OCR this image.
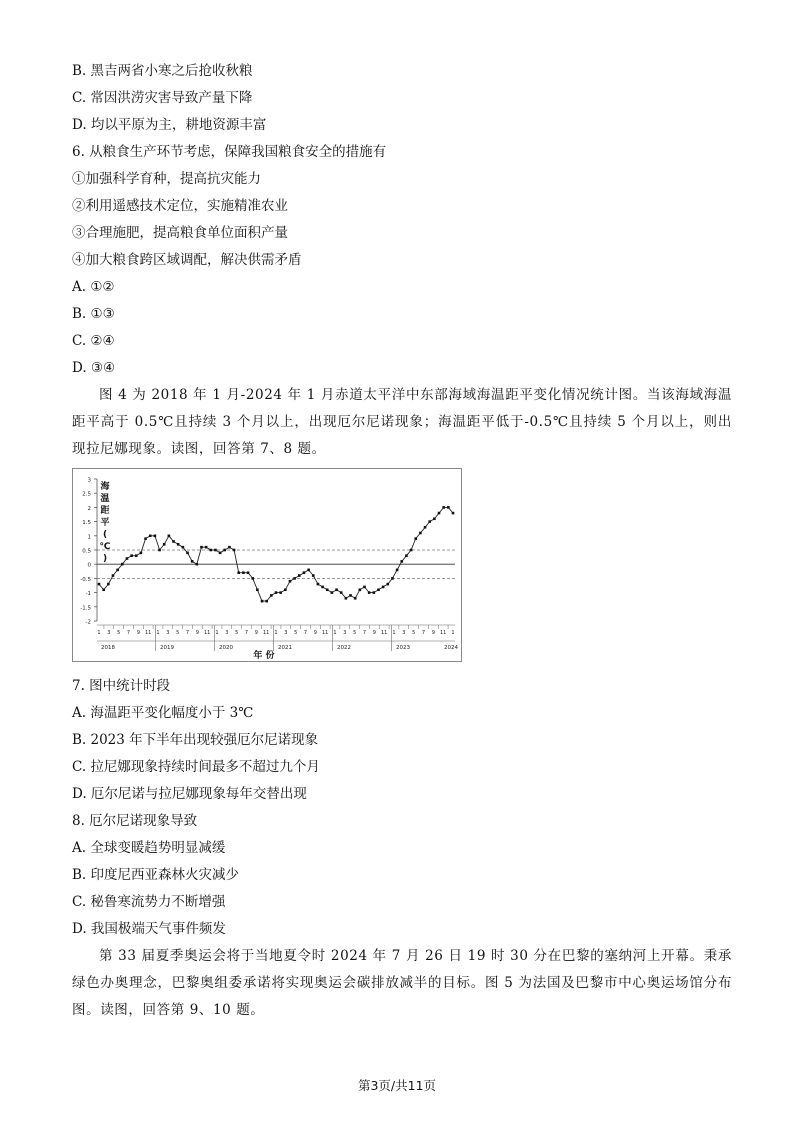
B. 黑吉两省小寒之后抢收秋粮
C. 常因洪涝灾害导致产量下降
D. 均以平原为主，耕地资源丰富
6. 从粮食生产环节考虑，保障我国粮食安全的措施有
①加强科学育种，提高抗灾能力
②利用遥感技术定位，实施精准农业
③合理施肥，提高粮食单位面积产量
④加大粮食跨区域调配，解决供需矛盾
A. ①②
B. ①③
C. ②④
D. ③④
图 4 为 2018 年 1 月-2024 年 1 月赤道太平洋中东部海域海温距平变化情况统计图。当该海域海温距平高于 0.5℃且持续 3 个月以上，出现厄尔尼诺现象；海温距平低于-0.5℃且持续 5 个月以上，则出现拉尼娜现象。读图，回答第 7、8 题。
3
2.5
2
1.5
1
0.5
0
-0.5
-1
-1.5
-2
海
温
距
平
(
℃
)
1 3 5 7 9 11 1 3 5 7 9 11 1 3 5 7 9 11 1 3 5 7 9 11 1 3 5 7 9 11 1 3 5 7 9 11 1
2018	2019	2020	2021	2022	2023	2024
年 份
7. 图中统计时段
A. 海温距平变化幅度小于 3℃
B. 2023 年下半年出现较强厄尔尼诺现象
C. 拉尼娜现象持续时间最多不超过九个月
D. 厄尔尼诺与拉尼娜现象每年交替出现
8. 厄尔尼诺现象导致
A. 全球变暖趋势明显减缓
B. 印度尼西亚森林火灾减少
C. 秘鲁寒流势力不断增强
D. 我国极端天气事件频发
第 33 届夏季奥运会将于当地夏令时 2024 年 7 月 26 日 19 时 30 分在巴黎的塞纳河上开幕。秉承绿色办奥理念，巴黎奥组委承诺将实现奥运会碳排放减半的目标。图 5 为法国及巴黎市中心奥运场馆分布图。读图，回答第 9、10 题。
第3页/共11页
